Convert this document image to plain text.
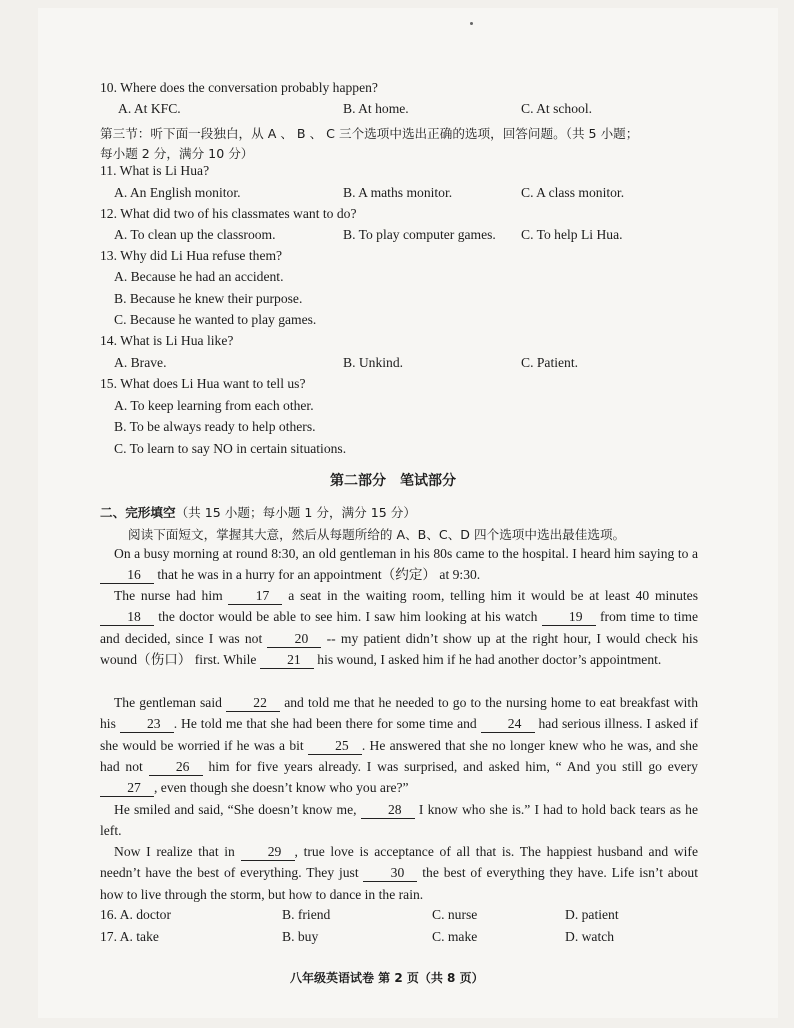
10. Where does the conversation probably happen?
A. At KFC.	B. At home.	C. At school.
第三节：听下面一段独白，从 A 、 B 、 C 三个选项中选出正确的选项，回答问题。（共 5 小题；
每小题 2 分，满分 10 分）
11. What is Li Hua?
A. An English monitor.	B. A maths monitor.	C. A class monitor.
12. What did two of his classmates want to do?
A. To clean up the classroom.	B. To play computer games. C. To help Li Hua.
13. Why did Li Hua refuse them?
A. Because he had an accident.
B. Because he knew their purpose.
C. Because he wanted to play games.
14. What is Li Hua like?
A. Brave.	B. Unkind.	C. Patient.
15. What does Li Hua want to tell us?
A. To keep learning from each other.
B. To be always ready to help others.
C. To learn to say NO in certain situations.
第二部分　笔试部分
二、完形填空（共 15 小题；每小题 1 分，满分 15 分）
阅读下面短文，掌握其大意，然后从每题所给的 A、B、C、D 四个选项中选出最佳选项。
On a busy morning at round 8:30, an old gentleman in his 80s came to the hospital. I heard him saying to a 16 that he was in a hurry for an appointment（约定） at 9:30.
The nurse had him 17 a seat in the waiting room, telling him it would be at least 40 minutes 18 the doctor would be able to see him. I saw him looking at his watch 19 from time to time and decided, since I was not 20 -- my patient didn’t show up at the right hour, I would check his wound（伤口） first. While 21 his wound, I asked him if he had another doctor’s appointment.
The gentleman said 22 and told me that he needed to go to the nursing home to eat breakfast with his 23 . He told me that she had been there for some time and 24 had serious illness. I asked if she would be worried if he was a bit 25 . He answered that she no longer knew who he was, and she had not 26 him for five years already. I was surprised, and asked him, “ And you still go every 27 , even though she doesn’t know who you are?”
He smiled and said, “She doesn’t know me, 28 I know who she is.” I had to hold back tears as he left.
Now I realize that in 29 , true love is acceptance of all that is. The happiest husband and wife needn’t have the best of everything. They just 30 the best of everything they have. Life isn’t about how to live through the storm, but how to dance in the rain.
16. A. doctor	B. friend	C. nurse	D. patient
17. A. take	B. buy	C. make	D. watch
八年级英语试卷 第 2 页（共 8 页）
